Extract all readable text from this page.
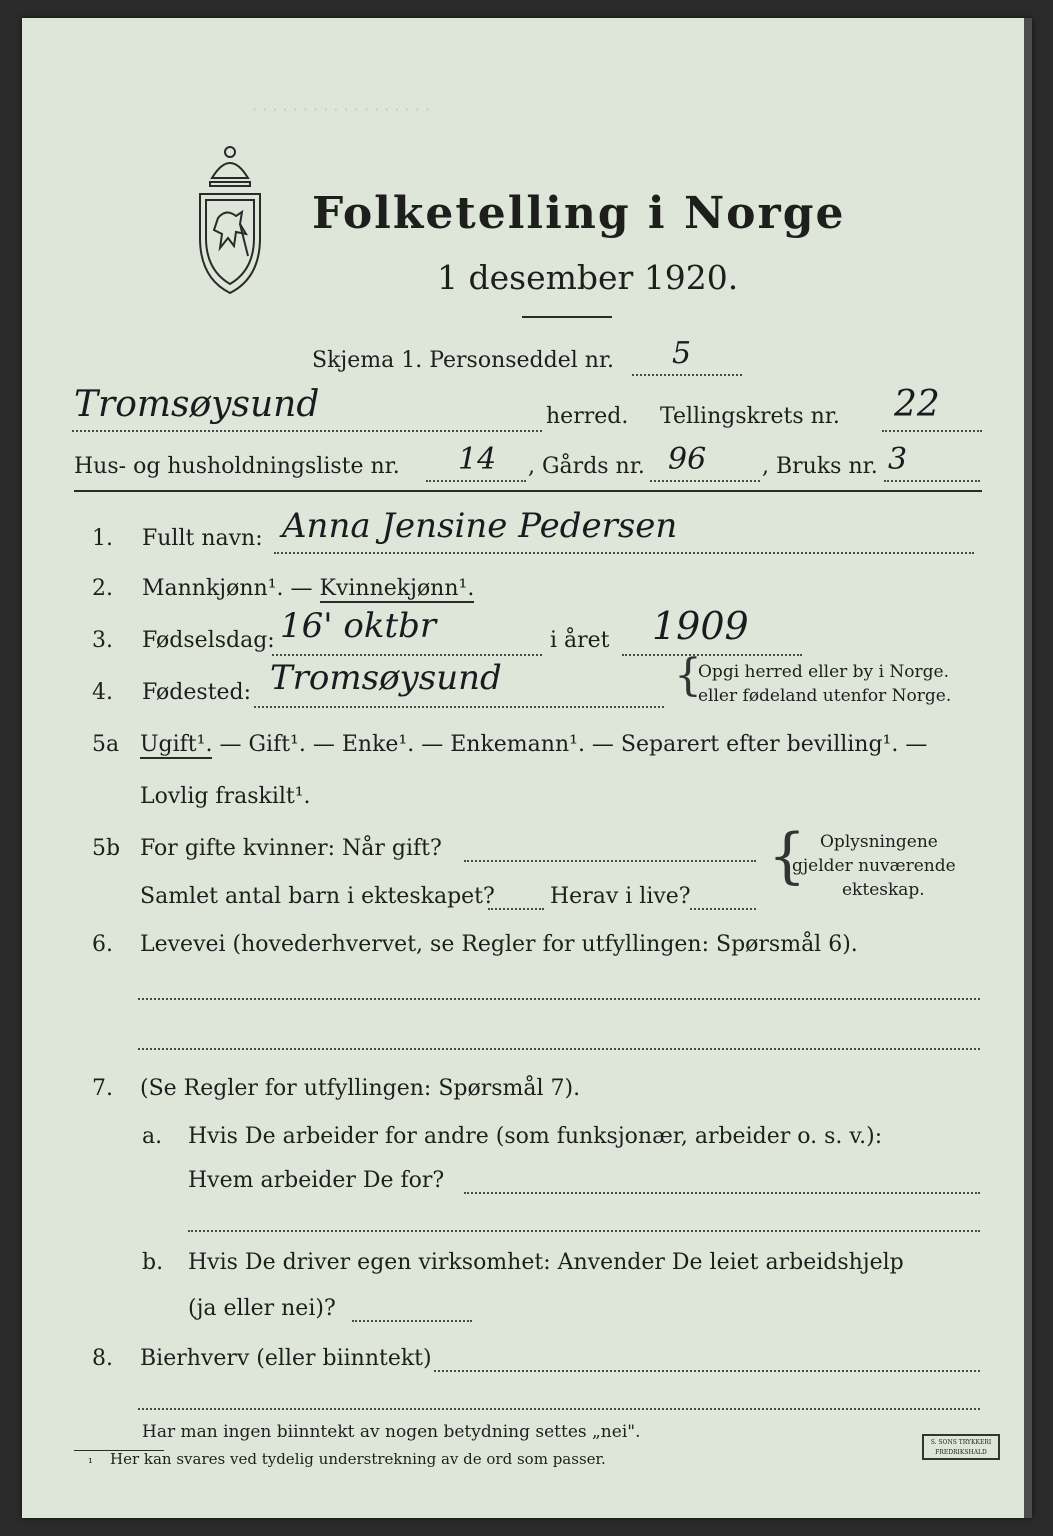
· · · · · · · · · · · · · · · · · ·
Folketelling i Norge
1 desember 1920.
Skjema 1. Personseddel nr. 5
Tromsøysund	herred. Tellingskrets nr. 22
Hus- og husholdningsliste nr. 14 , Gårds nr. 96	, Bruks nr. 3
1. Fullt navn: Anna Jensine Pedersen
2. Mannkjønn¹. — Kvinnekjønn¹.
3. Fødselsdag: 16' oktbr	i året 1909
4. Fødested: Tromsøysund	{
Opgi herred eller by i Norge.
eller fødeland utenfor Norge.
5a Ugift¹. — Gift¹. — Enke¹. — Enkemann¹. — Separert efter bevilling¹. —
Lovlig fraskilt¹.
5b For gifte kvinner: Når gift?
Samlet antal barn i ekteskapet?	Herav i live?
{ Oplysningene
gjelder nuværende
ekteskap.
6. Levevei (hovederhvervet, se Regler for utfyllingen: Spørsmål 6).
7. (Se Regler for utfyllingen: Spørsmål 7).
a. Hvis De arbeider for andre (som funksjonær, arbeider o. s. v.):
Hvem arbeider De for?
b. Hvis De driver egen virksomhet: Anvender De leiet arbeidshjelp
(ja eller nei)?
8. Bierhverv (eller biinntekt)
Har man ingen biinntekt av nogen betydning settes „nei".
¹ Her kan svares ved tydelig understrekning av de ord som passer.
S. SONS TRYKKERI
FREDRIKSHALD
